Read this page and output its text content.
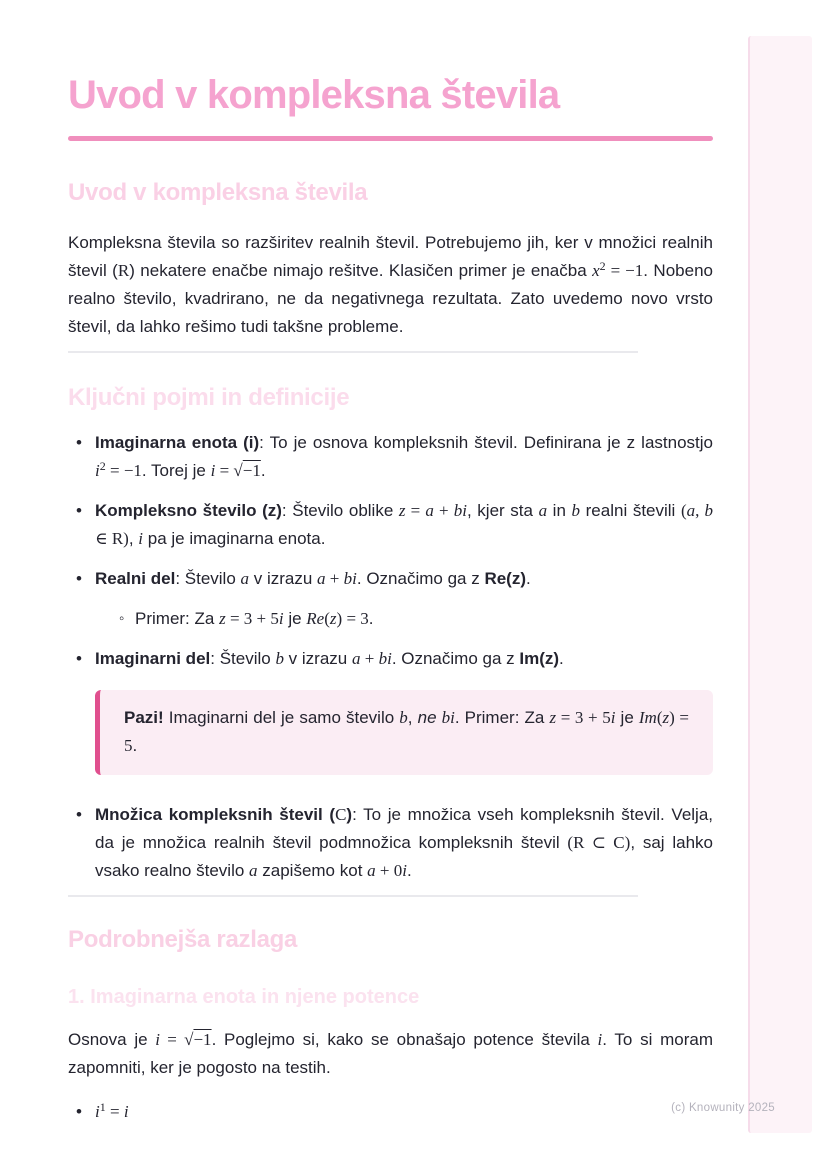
Uvod v kompleksna števila
Uvod v kompleksna števila

Kompleksna števila so razširitev realnih števil. Potrebujemo jih, ker v množici realnih števil (R) nekatere enačbe nimajo rešitve. Klasičen primer je enačba $x^2 = -1$. Nobeno realno število, kvadrirano, ne da negativnega rezultata. Zato uvedemo novo vrsto števil, da lahko rešimo tudi takšne probleme.

Ključni pojmi in definicije
• Imaginarna enota (i): To je osnova kompleksnih števil. Definirana je z lastnostjo $i^2 = -1$. Torej je i = √−1.
• Kompleksno število (z): Število oblike z = a + bi, kjer sta a in b realni števili (a, b ∈ R), i pa je imaginarna enota.
• Realni del: Število a v izrazu a + bi. Označimo ga z Re(z).
◦ Primer: Za z = 3 + 5i je Re(z) = 3.
• Imaginarni del: Število b v izrazu a + bi. Označimo ga z Im(z).

Pazi! Imaginarni del je samo število b, ne bi. Primer: Za z = 3 + 5i je Im(z) = 5.

• Množica kompleksnih števil (C): To je množica vseh kompleksnih števil. Velja, da je množica realnih števil podmnožica kompleksnih števil (R ⊂ C), saj lahko vsako realno število a zapišemo kot a + 0i.
Podrobnejša razlaga
1. Imaginarna enota in njene potence

Osnova je i = √−1. Poglejmo si, kako se obnašajo potence števila i. To si moram zapomniti, ker je pogosto na testih.

• $i^1 = i$	(c) Knowunity 2025
